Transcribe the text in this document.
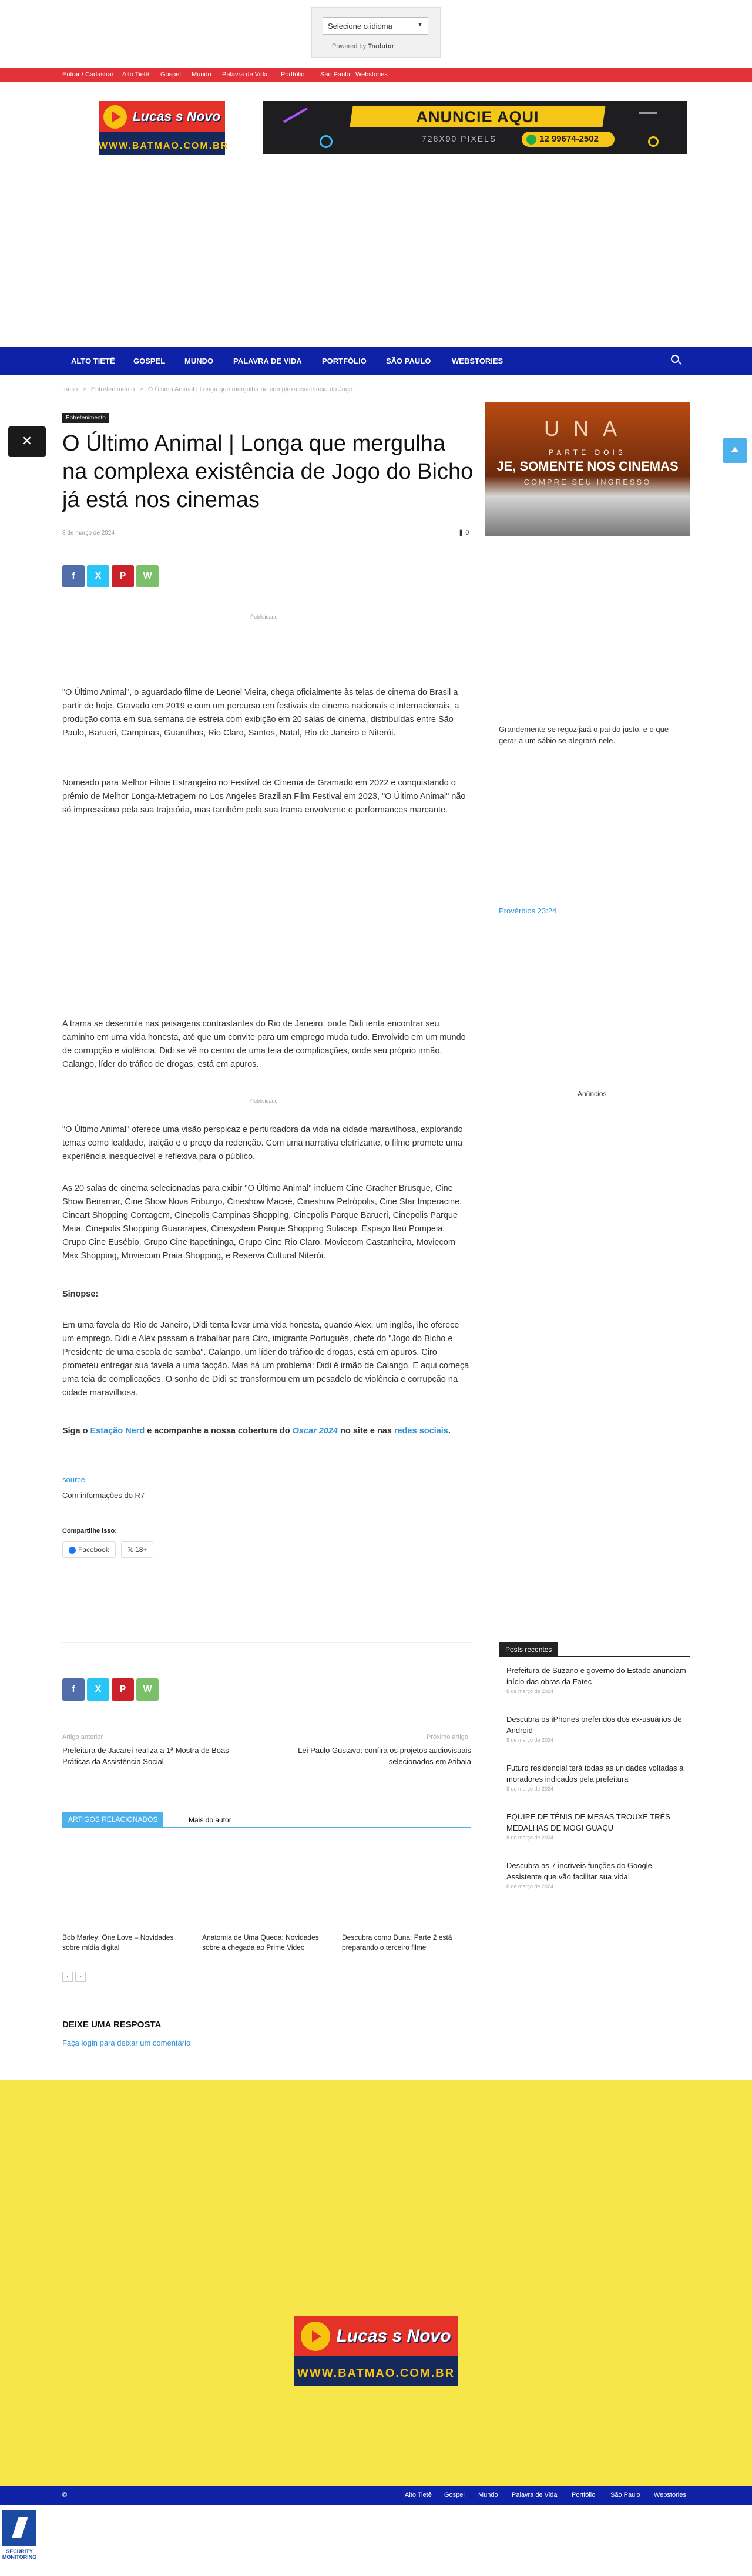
Selecione o idioma	▼
Powered by Tradutor
Entrar / Cadastrar Alto Tietê Gospel Mundo Palavra de Vida Portfólio São Paulo Webstories
Lucas s Novo
WWW.BATMAO.COM.BR
ANUNCIE AQUI
728X90 PIXELS	12 99674-2502
ALTO TIETÊ GOSPEL	MUNDO	PALAVRA DE VIDA	PORTFÓLIO	SÃO PAULO	WEBSTORIES
Início > Entretenimento > O Último Animal | Longa que mergulha na complexa existência do Jogo...
✕
Entretenimento
O Último Animal | Longa que mergulha na complexa existência de Jogo do Bicho já está nos cinemas
8 de março de 2024	❚ 0
f	X	P	W
Publicidade
Publicidade

"O Último Animal", o aguardado filme de Leonel Vieira, chega oficialmente às telas de cinema do Brasil a partir de hoje. Gravado em 2019 e com um percurso em festivais de cinema nacionais e internacionais, a produção conta em sua semana de estreia com exibição em 20 salas de cinema, distribuídas entre São Paulo, Barueri, Campinas, Guarulhos, Rio Claro, Santos, Natal, Rio de Janeiro e Niterói.

Nomeado para Melhor Filme Estrangeiro no Festival de Cinema de Gramado em 2022 e conquistando o prêmio de Melhor Longa-Metragem no Los Angeles Brazilian Film Festival em 2023, "O Último Animal" não só impressiona pela sua trajetória, mas também pela sua trama envolvente e performances marcante.

A trama se desenrola nas paisagens contrastantes do Rio de Janeiro, onde Didi tenta encontrar seu caminho em uma vida honesta, até que um convite para um emprego muda tudo. Envolvido em um mundo de corrupção e violência, Didi se vê no centro de uma teia de complicações, onde seu próprio irmão, Calango, líder do tráfico de drogas, está em apuros.

"O Último Animal" oferece uma visão perspicaz e perturbadora da vida na cidade maravilhosa, explorando temas como lealdade, traição e o preço da redenção. Com uma narrativa eletrizante, o filme promete uma experiência inesquecível e reflexiva para o público.

As 20 salas de cinema selecionadas para exibir "O Último Animal" incluem Cine Gracher Brusque, Cine Show Beiramar, Cine Show Nova Friburgo, Cineshow Macaé, Cineshow Petrópolis, Cine Star Imperacine, Cineart Shopping Contagem, Cinepolis Campinas Shopping, Cinepolis Parque Barueri, Cinepolis Parque Maia, Cinepolis Shopping Guararapes, Cinesystem Parque Shopping Sulacap, Espaço Itaú Pompeia, Grupo Cine Eusébio, Grupo Cine Itapetininga, Grupo Cine Rio Claro, Moviecom Castanheira, Moviecom Max Shopping, Moviecom Praia Shopping, e Reserva Cultural Niterói.

Sinopse:

Em uma favela do Rio de Janeiro, Didi tenta levar uma vida honesta, quando Alex, um inglês, lhe oferece um emprego. Didi e Alex passam a trabalhar para Ciro, imigrante Português, chefe do "Jogo do Bicho e Presidente de uma escola de samba". Calango, um líder do tráfico de drogas, está em apuros. Ciro prometeu entregar sua favela a uma facção. Mas há um problema: Didi é irmão de Calango. E aqui começa uma teia de complicações. O sonho de Didi se transformou em um pesadelo de violência e corrupção na cidade maravilhosa.

Siga o Estação Nerd e acompanhe a nossa cobertura do Oscar 2024 no site e nas redes sociais.

source
Com informações do R7
Compartilhe isso:
Facebook	𝕏 18+
f	X	P	W
Artigo anterior	Próximo artigo
Prefeitura de Jacareí realiza a 1ª Mostra de Boas Práticas da Assistência Social
Lei Paulo Gustavo: confira os projetos audiovisuais selecionados em Atibaia
ARTIGOS RELACIONADOS	Mais do autor
Bob Marley: One Love – Novidades sobre mídia digital
Anatomia de Uma Queda: Novidades sobre a chegada ao Prime Video
Descubra como Duna: Parte 2 está preparando o terceiro filme
‹	›
DEIXE UMA RESPOSTA
Faça login para deixar um comentário
UNA
PARTE DOIS
JE, SOMENTE NOS CINEMAS
COMPRE SEU INGRESSO
Grandemente se regozijará o pai do justo, e o que gerar a um sábio se alegrará nele.
Provérbios 23:24
Anúncios
Posts recentes
Prefeitura de Suzano e governo do Estado anunciam início das obras da Fatec
8 de março de 2024
Descubra os iPhones preferidos dos ex-usuários de Android
8 de março de 2024
Futuro residencial terá todas as unidades voltadas a moradores indicados pela prefeitura
8 de março de 2024
EQUIPE DE TÊNIS DE MESAS TROUXE TRÊS MEDALHAS DE MOGI GUAÇU
8 de março de 2024
Descubra as 7 incríveis funções do Google Assistente que vão facilitar sua vida!
8 de março de 2024
Lucas s Novo
WWW.BATMAO.COM.BR
©	Alto Tietê Gospel Mundo Palavra de Vida Portfólio São Paulo Webstories
SECURITY
MONITORING
